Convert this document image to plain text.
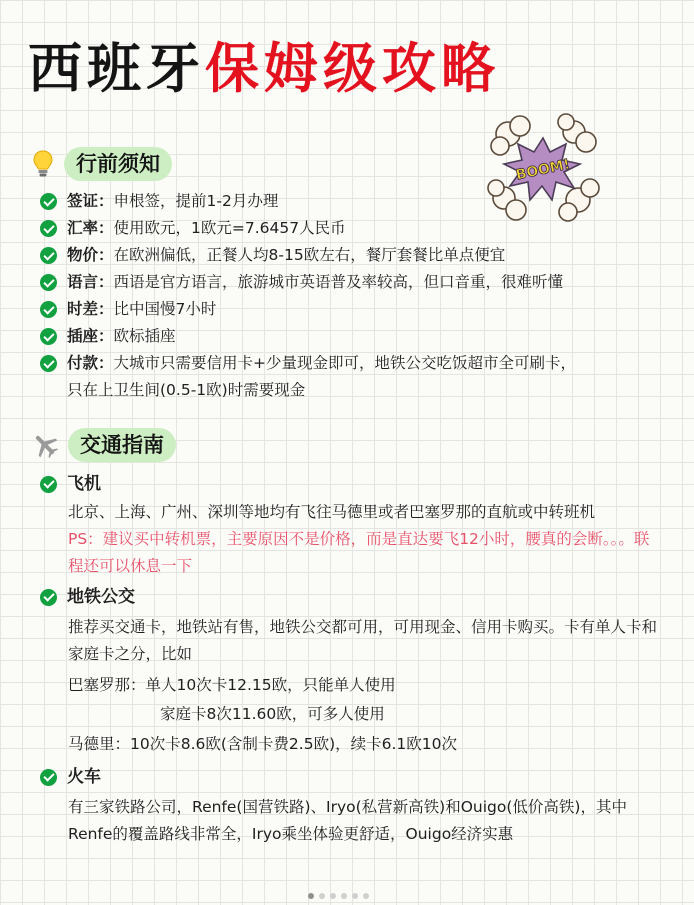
西班牙保姆级攻略
BOOM!
行前须知
签证：申根签，提前1-2月办理
汇率：使用欧元，1欧元=7.6457人民币
物价：在欧洲偏低，正餐人均8-15欧左右，餐厅套餐比单点便宜
语言：西语是官方语言，旅游城市英语普及率较高，但口音重，很难听懂
时差：比中国慢7小时
插座：欧标插座
付款：大城市只需要信用卡+少量现金即可，地铁公交吃饭超市全可刷卡，只在上卫生间(0.5-1欧)时需要现金
交通指南
飞机
北京、上海、广州、深圳等地均有飞往马德里或者巴塞罗那的直航或中转班机
PS：建议买中转机票，主要原因不是价格，而是直达要飞12小时，腰真的会断。。。联程还可以休息一下
地铁公交
推荐买交通卡，地铁站有售，地铁公交都可用，可用现金、信用卡购买。卡有单人卡和家庭卡之分，比如
巴塞罗那：单人10次卡12.15欧，只能单人使用
家庭卡8次11.60欧，可多人使用
马德里：10次卡8.6欧(含制卡费2.5欧)，续卡6.1欧10次
火车
有三家铁路公司，Renfe(国营铁路)、Iryo(私营新高铁)和Ouigo(低价高铁)，其中Renfe的覆盖路线非常全，Iryo乘坐体验更舒适，Ouigo经济实惠
